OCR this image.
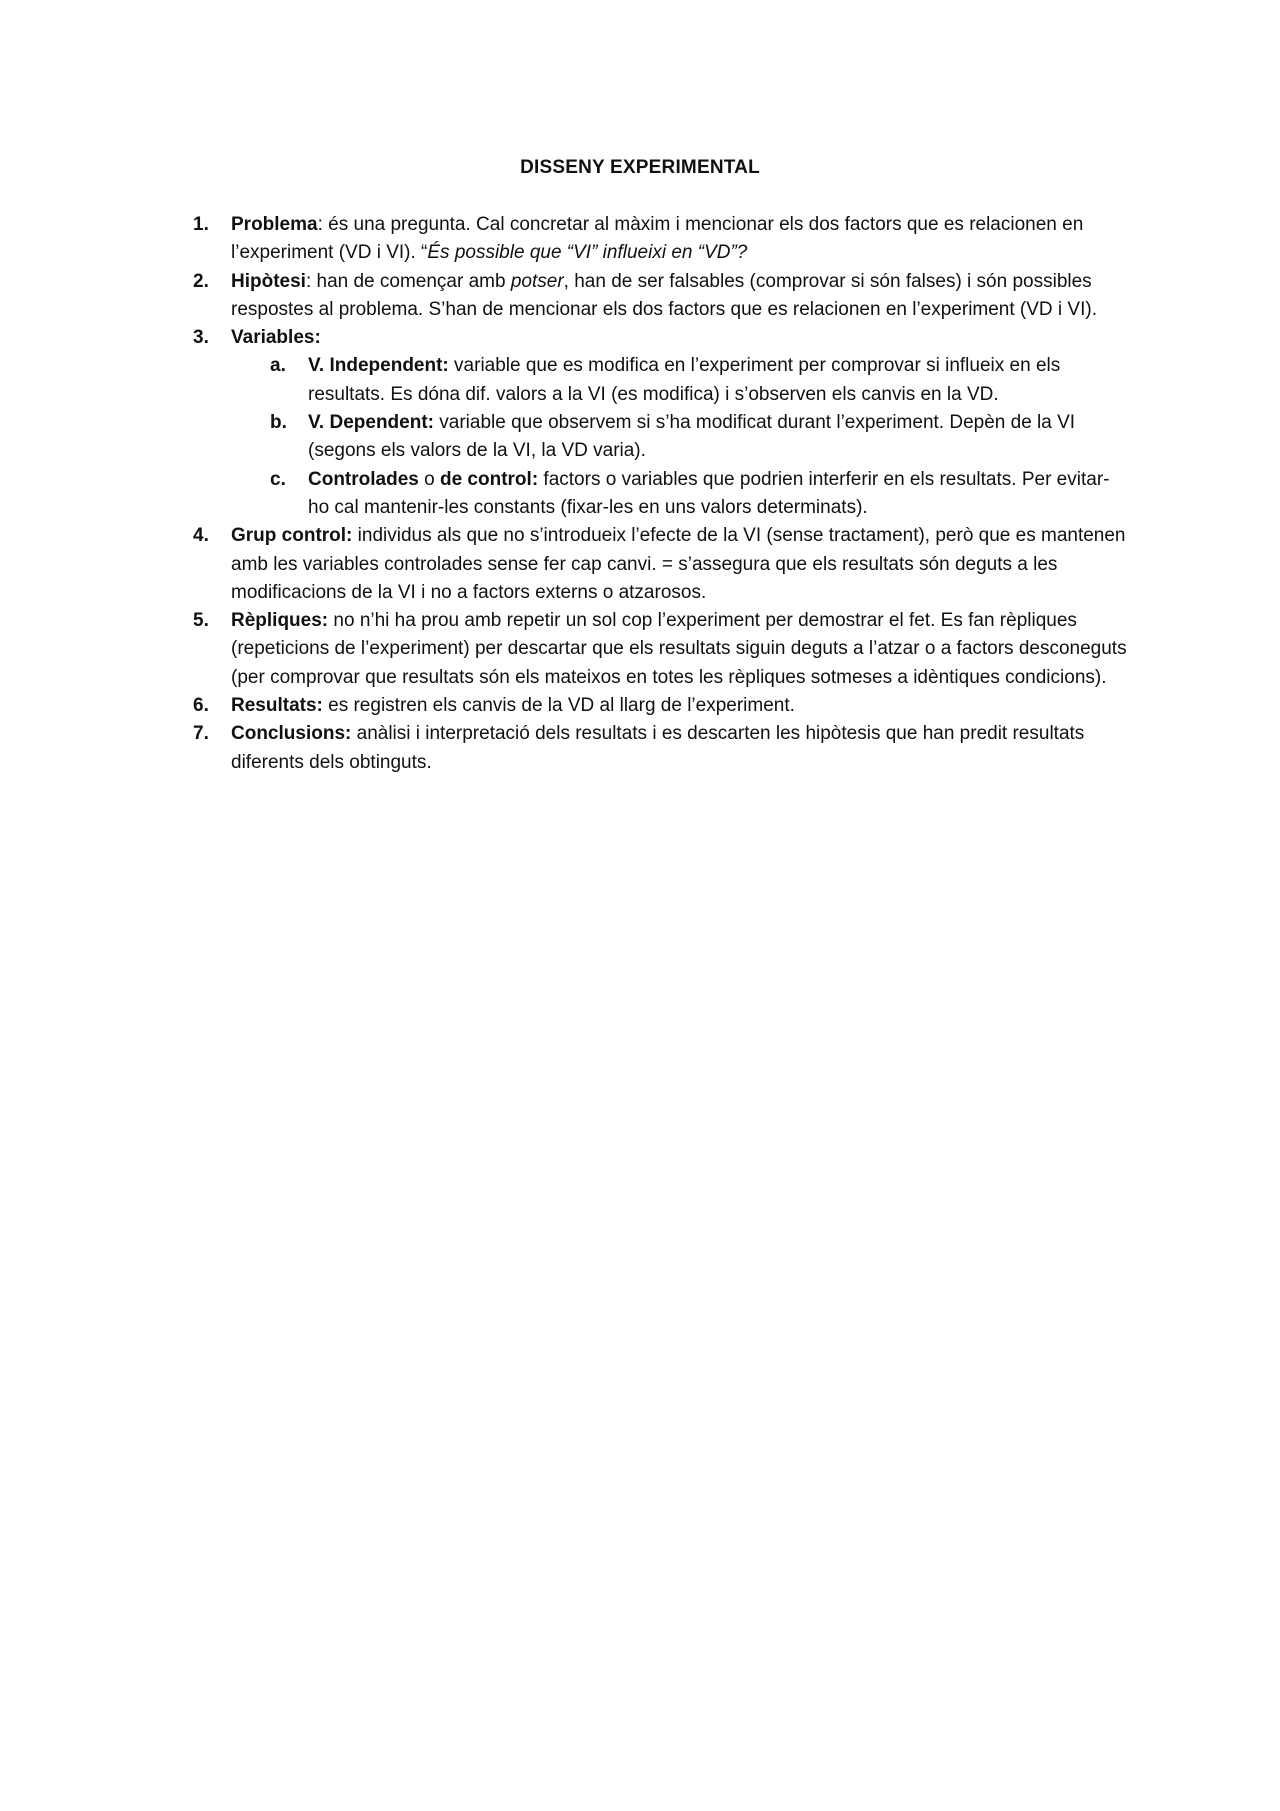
DISSENY EXPERIMENTAL
1. Problema: és una pregunta. Cal concretar al màxim i mencionar els dos factors que es relacionen en l’experiment (VD i VI). “És possible que “VI” influeixi en “VD”?
2. Hipòtesi: han de començar amb potser, han de ser falsables (comprovar si són falses) i són possibles respostes al problema. S’han de mencionar els dos factors que es relacionen en l’experiment (VD i VI).
3. Variables:
a. V. Independent: variable que es modifica en l’experiment per comprovar si influeix en els resultats. Es dóna dif. valors a la VI (es modifica) i s’observen els canvis en la VD.
b. V. Dependent: variable que observem si s’ha modificat durant l’experiment. Depèn de la VI (segons els valors de la VI, la VD varia).
c. Controlades o de control: factors o variables que podrien interferir en els resultats. Per evitar-ho cal mantenir-les constants (fixar-les en uns valors determinats).
4. Grup control: individus als que no s’introdueix l’efecte de la VI (sense tractament), però que es mantenen amb les variables controlades sense fer cap canvi. = s’assegura que els resultats són deguts a les modificacions de la VI i no a factors externs o atzarosos.
5. Rèpliques: no n’hi ha prou amb repetir un sol cop l’experiment per demostrar el fet. Es fan rèpliques (repeticions de l’experiment) per descartar que els resultats siguin deguts a l’atzar o a factors desconeguts (per comprovar que resultats són els mateixos en totes les rèpliques sotmeses a idèntiques condicions).
6. Resultats: es registren els canvis de la VD al llarg de l’experiment.
7. Conclusions: anàlisi i interpretació dels resultats i es descarten les hipòtesis que han predit resultats diferents dels obtinguts.
